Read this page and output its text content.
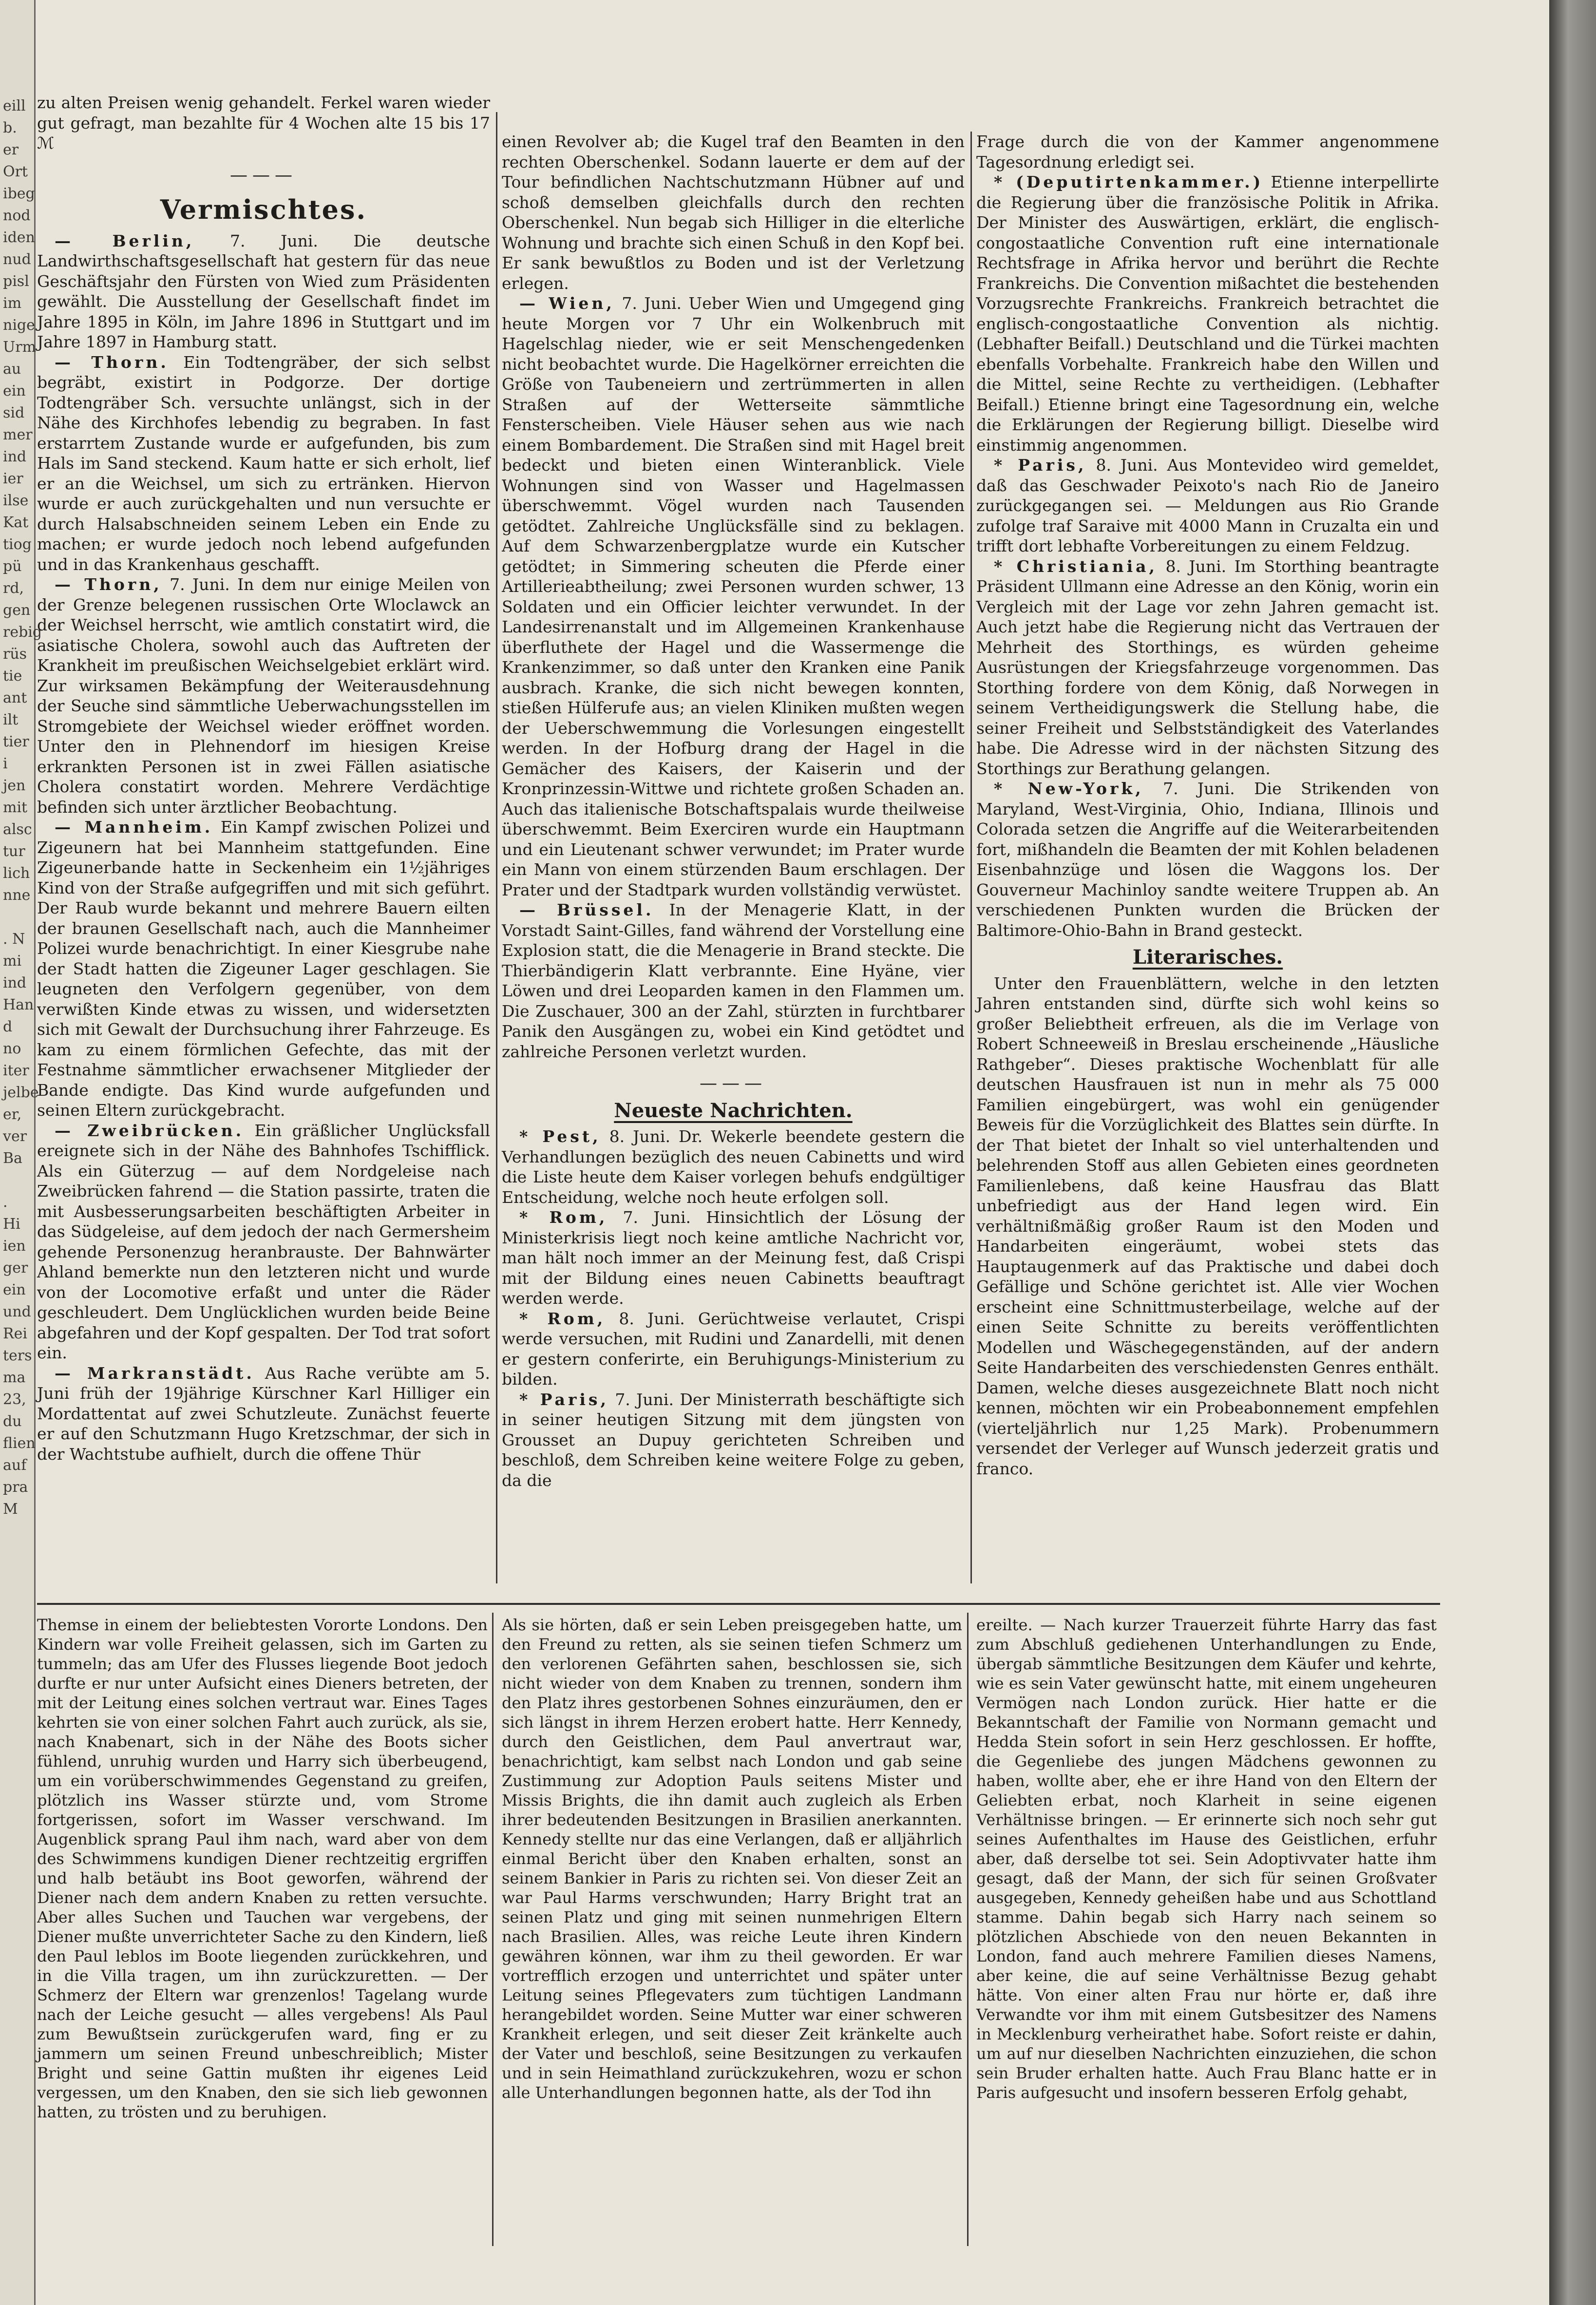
eill
b.
er
Ort
ibeg
nod
iden
nud
pisl
im
nige
Urm
au
ein
sid
mer
ind
ier
ilse
Kat
tiog
pü
rd,
gen
rebig
rüs
tie
ant
ilt
tier
i
jen
mit
alsc
tur
lich
nne
. N
mi
ind
Han
d
no
iter
jelbe
er,
ver
Ba
.
Hi
ien
ger
ein
und
Rei
ters
ma
23,
du
flien
auf
pra
M

zu alten Preisen wenig gehandelt. Ferkel waren wieder gut gefragt, man bezahlte für 4 Wochen alte 15 bis 17 ℳ

———
Vermischtes.

— Berlin, 7. Juni. Die deutsche Landwirthschaftsgesellschaft hat gestern für das neue Geschäftsjahr den Fürsten von Wied zum Präsidenten gewählt. Die Ausstellung der Gesellschaft findet im Jahre 1895 in Köln, im Jahre 1896 in Stuttgart und im Jahre 1897 in Hamburg statt.

— Thorn. Ein Todtengräber, der sich selbst begräbt, existirt in Podgorze. Der dortige Todtengräber Sch. versuchte unlängst, sich in der Nähe des Kirchhofes lebendig zu begraben. In fast erstarrtem Zustande wurde er aufgefunden, bis zum Hals im Sand steckend. Kaum hatte er sich erholt, lief er an die Weichsel, um sich zu ertränken. Hiervon wurde er auch zurückgehalten und nun versuchte er durch Halsabschneiden seinem Leben ein Ende zu machen; er wurde jedoch noch lebend aufgefunden und in das Krankenhaus geschafft.

— Thorn, 7. Juni. In dem nur einige Meilen von der Grenze belegenen russischen Orte Wloclawck an der Weichsel herrscht, wie amtlich constatirt wird, die asiatische Cholera, sowohl auch das Auftreten der Krankheit im preußischen Weichselgebiet erklärt wird. Zur wirksamen Bekämpfung der Weiterausdehnung der Seuche sind sämmtliche Ueberwachungsstellen im Stromgebiete der Weichsel wieder eröffnet worden. Unter den in Plehnendorf im hiesigen Kreise erkrankten Personen ist in zwei Fällen asiatische Cholera constatirt worden. Mehrere Verdächtige befinden sich unter ärztlicher Beobachtung.

— Mannheim. Ein Kampf zwischen Polizei und Zigeunern hat bei Mannheim stattgefunden. Eine Zigeunerbande hatte in Seckenheim ein 1½jähriges Kind von der Straße aufgegriffen und mit sich geführt. Der Raub wurde bekannt und mehrere Bauern eilten der braunen Gesellschaft nach, auch die Mannheimer Polizei wurde benachrichtigt. In einer Kiesgrube nahe der Stadt hatten die Zigeuner Lager geschlagen. Sie leugneten den Verfolgern gegenüber, von dem verwißten Kinde etwas zu wissen, und widersetzten sich mit Gewalt der Durchsuchung ihrer Fahrzeuge. Es kam zu einem förmlichen Gefechte, das mit der Festnahme sämmtlicher erwachsener Mitglieder der Bande endigte. Das Kind wurde aufgefunden und seinen Eltern zurückgebracht.

— Zweibrücken. Ein gräßlicher Unglücksfall ereignete sich in der Nähe des Bahnhofes Tschifflick. Als ein Güterzug — auf dem Nordgeleise nach Zweibrücken fahrend — die Station passirte, traten die mit Ausbesserungsarbeiten beschäftigten Arbeiter in das Südgeleise, auf dem jedoch der nach Germersheim gehende Personenzug heranbrauste. Der Bahnwärter Ahland bemerkte nun den letzteren nicht und wurde von der Locomotive erfaßt und unter die Räder geschleudert. Dem Unglücklichen wurden beide Beine abgefahren und der Kopf gespalten. Der Tod trat sofort ein.

— Markranstädt. Aus Rache verübte am 5. Juni früh der 19jährige Kürschner Karl Hilliger ein Mordattentat auf zwei Schutzleute. Zunächst feuerte er auf den Schutzmann Hugo Kretzschmar, der sich in der Wachtstube aufhielt, durch die offene Thür

einen Revolver ab; die Kugel traf den Beamten in den rechten Oberschenkel. Sodann lauerte er dem auf der Tour befindlichen Nachtschutzmann Hübner auf und schoß demselben gleichfalls durch den rechten Oberschenkel. Nun begab sich Hilliger in die elterliche Wohnung und brachte sich einen Schuß in den Kopf bei. Er sank bewußtlos zu Boden und ist der Verletzung erlegen.

— Wien, 7. Juni. Ueber Wien und Umgegend ging heute Morgen vor 7 Uhr ein Wolkenbruch mit Hagelschlag nieder, wie er seit Menschengedenken nicht beobachtet wurde. Die Hagelkörner erreichten die Größe von Taubeneiern und zertrümmerten in allen Straßen auf der Wetterseite sämmtliche Fensterscheiben. Viele Häuser sehen aus wie nach einem Bombardement. Die Straßen sind mit Hagel breit bedeckt und bieten einen Winteranblick. Viele Wohnungen sind von Wasser und Hagelmassen überschwemmt. Vögel wurden nach Tausenden getödtet. Zahlreiche Unglücksfälle sind zu beklagen. Auf dem Schwarzenbergplatze wurde ein Kutscher getödtet; in Simmering scheuten die Pferde einer Artillerieabtheilung; zwei Personen wurden schwer, 13 Soldaten und ein Officier leichter verwundet. In der Landesirrenanstalt und im Allgemeinen Krankenhause überfluthete der Hagel und die Wassermenge die Krankenzimmer, so daß unter den Kranken eine Panik ausbrach. Kranke, die sich nicht bewegen konnten, stießen Hülferufe aus; an vielen Kliniken mußten wegen der Ueberschwemmung die Vorlesungen eingestellt werden. In der Hofburg drang der Hagel in die Gemächer des Kaisers, der Kaiserin und der Kronprinzessin-Wittwe und richtete großen Schaden an. Auch das italienische Botschaftspalais wurde theilweise überschwemmt. Beim Exerciren wurde ein Hauptmann und ein Lieutenant schwer verwundet; im Prater wurde ein Mann von einem stürzenden Baum erschlagen. Der Prater und der Stadtpark wurden vollständig verwüstet.

— Brüssel. In der Menagerie Klatt, in der Vorstadt Saint-Gilles, fand während der Vorstellung eine Explosion statt, die die Menagerie in Brand steckte. Die Thierbändigerin Klatt verbrannte. Eine Hyäne, vier Löwen und drei Leoparden kamen in den Flammen um. Die Zuschauer, 300 an der Zahl, stürzten in furchtbarer Panik den Ausgängen zu, wobei ein Kind getödtet und zahlreiche Personen verletzt wurden.

———
Neueste Nachrichten.

* Pest, 8. Juni. Dr. Wekerle beendete gestern die Verhandlungen bezüglich des neuen Cabinetts und wird die Liste heute dem Kaiser vorlegen behufs endgültiger Entscheidung, welche noch heute erfolgen soll.

* Rom, 7. Juni. Hinsichtlich der Lösung der Ministerkrisis liegt noch keine amtliche Nachricht vor, man hält noch immer an der Meinung fest, daß Crispi mit der Bildung eines neuen Cabinetts beauftragt werden werde.

* Rom, 8. Juni. Gerüchtweise verlautet, Crispi werde versuchen, mit Rudini und Zanardelli, mit denen er gestern conferirte, ein Beruhigungs-Ministerium zu bilden.

* Paris, 7. Juni. Der Ministerrath beschäftigte sich in seiner heutigen Sitzung mit dem jüngsten von Grousset an Dupuy gerichteten Schreiben und beschloß, dem Schreiben keine weitere Folge zu geben, da die

Frage durch die von der Kammer angenommene Tagesordnung erledigt sei.

* (Deputirtenkammer.) Etienne interpellirte die Regierung über die französische Politik in Afrika. Der Minister des Auswärtigen, erklärt, die englisch-congostaatliche Convention ruft eine internationale Rechtsfrage in Afrika hervor und berührt die Rechte Frankreichs. Die Convention mißachtet die bestehenden Vorzugsrechte Frankreichs. Frankreich betrachtet die englisch-congostaatliche Convention als nichtig. (Lebhafter Beifall.) Deutschland und die Türkei machten ebenfalls Vorbehalte. Frankreich habe den Willen und die Mittel, seine Rechte zu vertheidigen. (Lebhafter Beifall.) Etienne bringt eine Tagesordnung ein, welche die Erklärungen der Regierung billigt. Dieselbe wird einstimmig angenommen.

* Paris, 8. Juni. Aus Montevideo wird gemeldet, daß das Geschwader Peixoto's nach Rio de Janeiro zurückgegangen sei. — Meldungen aus Rio Grande zufolge traf Saraive mit 4000 Mann in Cruzalta ein und trifft dort lebhafte Vorbereitungen zu einem Feldzug.

* Christiania, 8. Juni. Im Storthing beantragte Präsident Ullmann eine Adresse an den König, worin ein Vergleich mit der Lage vor zehn Jahren gemacht ist. Auch jetzt habe die Regierung nicht das Vertrauen der Mehrheit des Storthings, es würden geheime Ausrüstungen der Kriegsfahrzeuge vorgenommen. Das Storthing fordere von dem König, daß Norwegen in seinem Vertheidigungswerk die Stellung habe, die seiner Freiheit und Selbstständigkeit des Vaterlandes habe. Die Adresse wird in der nächsten Sitzung des Storthings zur Berathung gelangen.

* New-York, 7. Juni. Die Strikenden von Maryland, West-Virginia, Ohio, Indiana, Illinois und Colorada setzen die Angriffe auf die Weiterarbeitenden fort, mißhandeln die Beamten der mit Kohlen beladenen Eisenbahnzüge und lösen die Waggons los. Der Gouverneur Machinloy sandte weitere Truppen ab. An verschiedenen Punkten wurden die Brücken der Baltimore-Ohio-Bahn in Brand gesteckt.

Literarisches.

Unter den Frauenblättern, welche in den letzten Jahren entstanden sind, dürfte sich wohl keins so großer Beliebtheit erfreuen, als die im Verlage von Robert Schneeweiß in Breslau erscheinende „Häusliche Rathgeber“. Dieses praktische Wochenblatt für alle deutschen Hausfrauen ist nun in mehr als 75 000 Familien eingebürgert, was wohl ein genügender Beweis für die Vorzüglichkeit des Blattes sein dürfte. In der That bietet der Inhalt so viel unterhaltenden und belehrenden Stoff aus allen Gebieten eines geordneten Familienlebens, daß keine Hausfrau das Blatt unbefriedigt aus der Hand legen wird. Ein verhältnißmäßig großer Raum ist den Moden und Handarbeiten eingeräumt, wobei stets das Hauptaugenmerk auf das Praktische und dabei doch Gefällige und Schöne gerichtet ist. Alle vier Wochen erscheint eine Schnittmusterbeilage, welche auf der einen Seite Schnitte zu bereits veröffentlichten Modellen und Wäschegegenständen, auf der andern Seite Handarbeiten des verschiedensten Genres enthält. Damen, welche dieses ausgezeichnete Blatt noch nicht kennen, möchten wir ein Probeabonnement empfehlen (vierteljährlich nur 1,25 Mark). Probenummern versendet der Verleger auf Wunsch jederzeit gratis und franco.

Themse in einem der beliebtesten Vororte Londons. Den Kindern war volle Freiheit gelassen, sich im Garten zu tummeln; das am Ufer des Flusses liegende Boot jedoch durfte er nur unter Aufsicht eines Dieners betreten, der mit der Leitung eines solchen vertraut war. Eines Tages kehrten sie von einer solchen Fahrt auch zurück, als sie, nach Knabenart, sich in der Nähe des Boots sicher fühlend, unruhig wurden und Harry sich überbeugend, um ein vorüberschwimmendes Gegenstand zu greifen, plötzlich ins Wasser stürzte und, vom Strome fortgerissen, sofort im Wasser verschwand. Im Augenblick sprang Paul ihm nach, ward aber von dem des Schwimmens kundigen Diener rechtzeitig ergriffen und halb betäubt ins Boot geworfen, während der Diener nach dem andern Knaben zu retten versuchte. Aber alles Suchen und Tauchen war vergebens, der Diener mußte unverrichteter Sache zu den Kindern, ließ den Paul leblos im Boote liegenden zurückkehren, und in die Villa tragen, um ihn zurückzuretten. — Der Schmerz der Eltern war grenzenlos! Tagelang wurde nach der Leiche gesucht — alles vergebens! Als Paul zum Bewußtsein zurückgerufen ward, fing er zu jammern um seinen Freund unbeschreiblich; Mister Bright und seine Gattin mußten ihr eigenes Leid vergessen, um den Knaben, den sie sich lieb gewonnen hatten, zu trösten und zu beruhigen.

Als sie hörten, daß er sein Leben preisgegeben hatte, um den Freund zu retten, als sie seinen tiefen Schmerz um den verlorenen Gefährten sahen, beschlossen sie, sich nicht wieder von dem Knaben zu trennen, sondern ihm den Platz ihres gestorbenen Sohnes einzuräumen, den er sich längst in ihrem Herzen erobert hatte. Herr Kennedy, durch den Geistlichen, dem Paul anvertraut war, benachrichtigt, kam selbst nach London und gab seine Zustimmung zur Adoption Pauls seitens Mister und Missis Brights, die ihn damit auch zugleich als Erben ihrer bedeutenden Besitzungen in Brasilien anerkannten. Kennedy stellte nur das eine Verlangen, daß er alljährlich einmal Bericht über den Knaben erhalten, sonst an seinem Bankier in Paris zu richten sei. Von dieser Zeit an war Paul Harms verschwunden; Harry Bright trat an seinen Platz und ging mit seinen nunmehrigen Eltern nach Brasilien. Alles, was reiche Leute ihren Kindern gewähren können, war ihm zu theil geworden. Er war vortrefflich erzogen und unterrichtet und später unter Leitung seines Pflegevaters zum tüchtigen Landmann herangebildet worden. Seine Mutter war einer schweren Krankheit erlegen, und seit dieser Zeit kränkelte auch der Vater und beschloß, seine Besitzungen zu verkaufen und in sein Heimathland zurückzukehren, wozu er schon alle Unterhandlungen begonnen hatte, als der Tod ihn

ereilte. — Nach kurzer Trauerzeit führte Harry das fast zum Abschluß gediehenen Unterhandlungen zu Ende, übergab sämmtliche Besitzungen dem Käufer und kehrte, wie es sein Vater gewünscht hatte, mit einem ungeheuren Vermögen nach London zurück. Hier hatte er die Bekanntschaft der Familie von Normann gemacht und Hedda Stein sofort in sein Herz geschlossen. Er hoffte, die Gegenliebe des jungen Mädchens gewonnen zu haben, wollte aber, ehe er ihre Hand von den Eltern der Geliebten erbat, noch Klarheit in seine eigenen Verhältnisse bringen. — Er erinnerte sich noch sehr gut seines Aufenthaltes im Hause des Geistlichen, erfuhr aber, daß derselbe tot sei. Sein Adoptivvater hatte ihm gesagt, daß der Mann, der sich für seinen Großvater ausgegeben, Kennedy geheißen habe und aus Schottland stamme. Dahin begab sich Harry nach seinem so plötzlichen Abschiede von den neuen Bekannten in London, fand auch mehrere Familien dieses Namens, aber keine, die auf seine Verhältnisse Bezug gehabt hätte. Von einer alten Frau nur hörte er, daß ihre Verwandte vor ihm mit einem Gutsbesitzer des Namens in Mecklenburg verheirathet habe. Sofort reiste er dahin, um auf nur dieselben Nachrichten einzuziehen, die schon sein Bruder erhalten hatte. Auch Frau Blanc hatte er in Paris aufgesucht und insofern besseren Erfolg gehabt,
